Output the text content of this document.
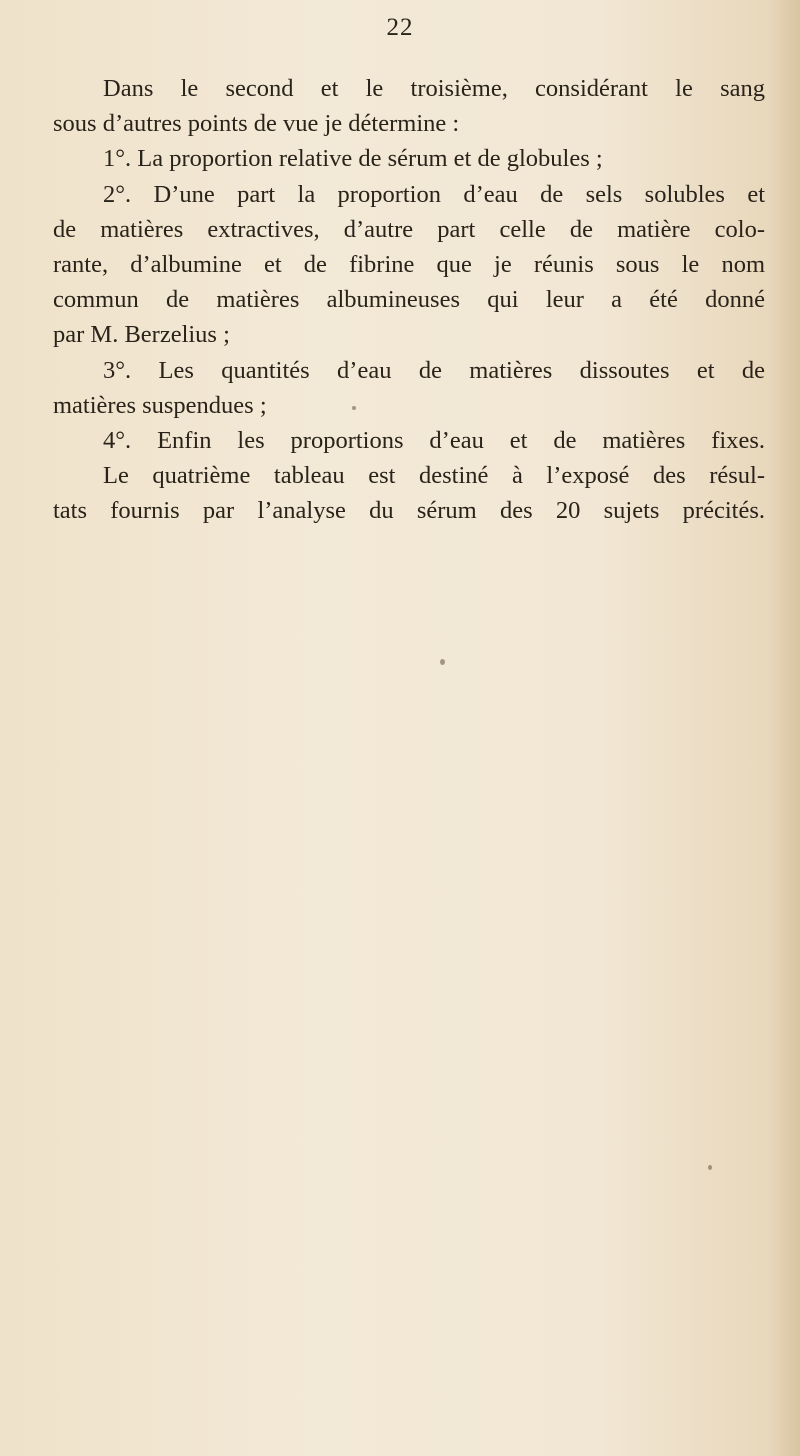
22
Dans le second et le troisième, considérant le sang
sous d’autres points de vue je détermine :
1°. La proportion relative de sérum et de globules ;
2°. D’une part la proportion d’eau de sels solubles et
de matières extractives, d’autre part celle de matière colo-
rante, d’albumine et de fibrine que je réunis sous le nom
commun de matières albumineuses qui leur a été donné
par M. Berzelius ;
3°. Les quantités d’eau de matières dissoutes et de
matières suspendues ;
4°. Enfin les proportions d’eau et de matières fixes.
Le quatrième tableau est destiné à l’exposé des résul-
tats fournis par l’analyse du sérum des 20 sujets précités.
